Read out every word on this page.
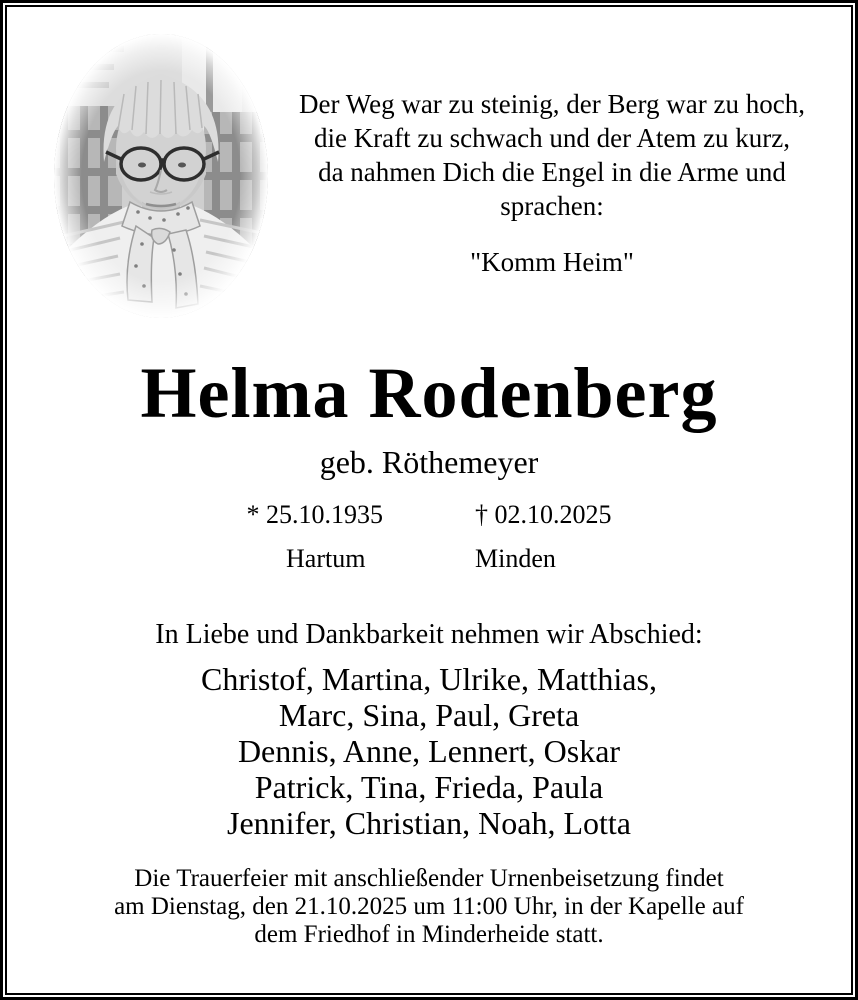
Der Weg war zu steinig, der Berg war zu hoch,
die Kraft zu schwach und der Atem zu kurz,
da nahmen Dich die Engel in die Arme und
sprachen:
"Komm Heim"
Helma Rodenberg
geb. Röthemeyer
* 25.10.1935
Hartum
† 02.10.2025
Minden
In Liebe und Dankbarkeit nehmen wir Abschied:
Christof, Martina, Ulrike, Matthias,
Marc, Sina, Paul, Greta
Dennis, Anne, Lennert, Oskar
Patrick, Tina, Frieda, Paula
Jennifer, Christian, Noah, Lotta
Die Trauerfeier mit anschließender Urnenbeisetzung findet
am Dienstag, den 21.10.2025 um 11:00 Uhr, in der Kapelle auf
dem Friedhof in Minderheide statt.
